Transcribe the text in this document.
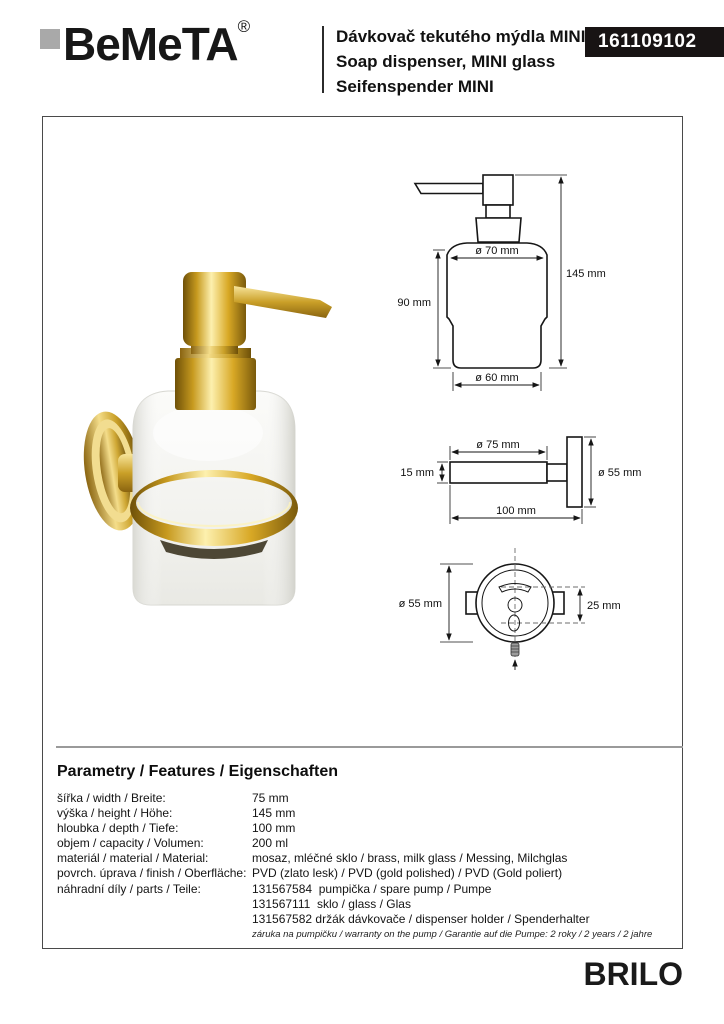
BeMeTA®
Dávkovač tekutého mýdla MINI
Soap dispenser, MINI glass
Seifenspender MINI
161109102
ø 70 mm
145 mm
90 mm
ø 60 mm
ø 75 mm
15 mm	ø 55 mm
100 mm
ø 55 mm	25 mm
Parametry / Features / Eigenschaften
šířka / width / Breite:	75 mm
výška / height / Höhe:	145 mm
hloubka / depth / Tiefe:	100 mm
objem / capacity / Volumen:	200 ml
materiál / material / Material:	mosaz, mléčné sklo / brass, milk glass / Messing, Milchglas
povrch. úprava / finish / Oberfläche: PVD (zlato lesk) / PVD (gold polished) / PVD (Gold poliert)
náhradní díly / parts / Teile:	131567584  pumpička / spare pump / Pumpe
131567111  sklo / glass / Glas
131567582 držák dávkovače / dispenser holder / Spenderhalter
záruka na pumpičku / warranty on the pump / Garantie auf die Pumpe: 2 roky / 2 years / 2 jahre
BRILO
